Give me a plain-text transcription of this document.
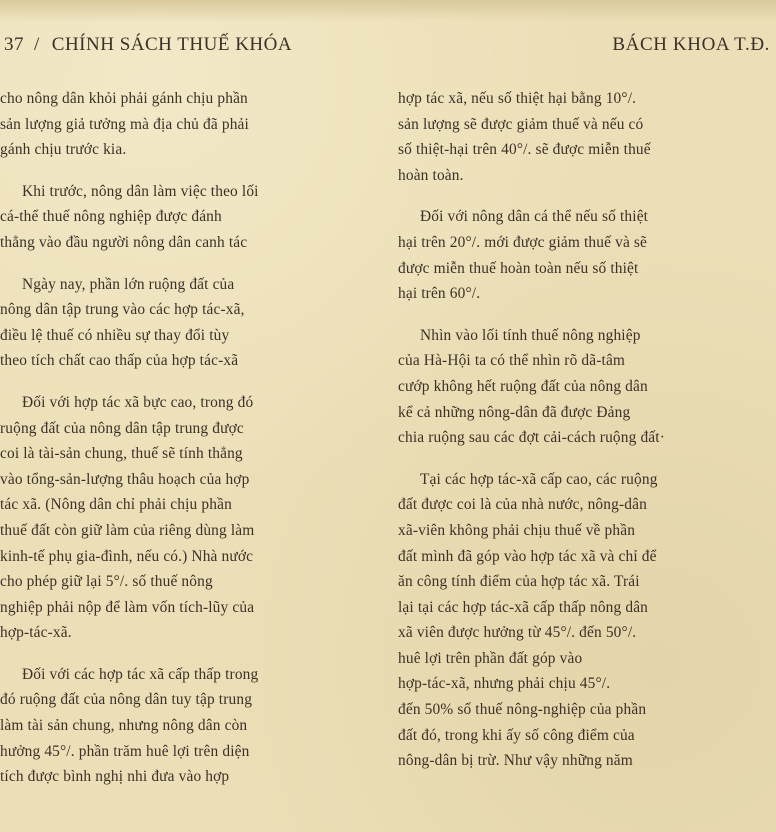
37 / CHÍNH SÁCH THUẾ KHÓA	BÁCH KHOA T.Đ.
cho nông dân khỏi phải gánh chịu phần
sản lượng giả tưởng mà địa chủ đã phải
gánh chịu trước kia.
Khi trước, nông dân làm việc theo lối
cá-thể thuế nông nghiệp được đánh
thẳng vào đầu người nông dân canh tác
Ngày nay, phần lớn ruộng đất của
nông dân tập trung vào các hợp tác-xã,
điều lệ thuế có nhiều sự thay đổi tùy
theo tích chất cao thấp của hợp tác-xã
Đối với hợp tác xã bực cao, trong đó
ruộng đất của nông dân tập trung được
coi là tài-sản chung, thuế sẽ tính thẳng
vào tổng-sản-lượng thâu hoạch của hợp
tác xã. (Nông dân chỉ phải chịu phần
thuế đất còn giữ làm của riêng dùng làm
kinh-tế phụ gia-đình, nếu có.) Nhà nước
cho phép giữ lại 5°/. số thuế nông
nghiệp phải nộp để làm vốn tích-lũy của
hợp-tác-xã.
Đối với các hợp tác xã cấp thấp trong
đó ruộng đất của nông dân tuy tập trung
làm tài sản chung, nhưng nông dân còn
hưởng 45°/. phần trăm huê lợi trên diện
tích được bình nghị nhi đưa vào hợp
hợp tác xã, nếu số thiệt hại bằng 10°/.
sản lượng sẽ được giảm thuế và nếu có
số thiệt-hại trên 40°/. sẽ được miễn thuế
hoàn toàn.
Đối với nông dân cá thể nếu số thiệt
hại trên 20°/. mới được giảm thuế và sẽ
được miễn thuế hoàn toàn nếu số thiệt
hại trên 60°/.
Nhìn vào lối tính thuế nông nghiệp
của Hà-Hội ta có thể nhìn rõ dã-tâm
cướp không hết ruộng đất của nông dân
kể cả những nông-dân đã được Đảng
chia ruộng sau các đợt cải-cách ruộng đất·
Tại các hợp tác-xã cấp cao, các ruộng
đất được coi là của nhà nước, nông-dân
xã-viên không phải chịu thuế về phần
đất mình đã góp vào hợp tác xã và chỉ để
ăn công tính điểm của hợp tác xã. Trái
lại tại các hợp tác-xã cấp thấp nông dân
xã viên được hưởng từ 45°/. đến 50°/.
huê lợi trên phần đất góp vào
hợp-tác-xã, nhưng phải chịu 45°/.
đến 50% số thuế nông-nghiệp của phần
đất đó, trong khi ấy số công điểm của
nông-dân bị trừ. Như vậy những năm
